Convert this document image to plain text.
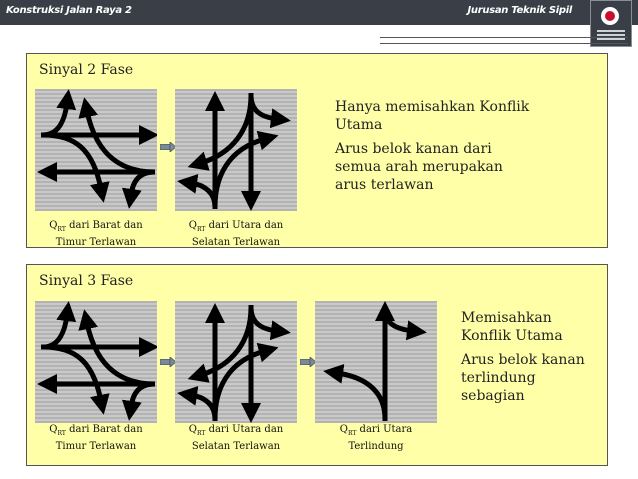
Konstruksi Jalan Raya 2	Jurusan Teknik Sipil
Sinyal 2 Fase
$Q_{RT}$ dari Barat dan
Timur Terlawan
$Q_{RT}$ dari Utara dan
Selatan Terlawan

Hanya memisahkan Konflik Utama

Arus belok kanan dari semua arah merupakan arus terlawan

Sinyal 3 Fase
$Q_{RT}$ dari Barat dan
Timur Terlawan
$Q_{RT}$ dari Utara dan
Selatan Terlawan
$Q_{RT}$ dari Utara
Terlindung

Memisahkan Konflik Utama

Arus belok kanan terlindung sebagian
